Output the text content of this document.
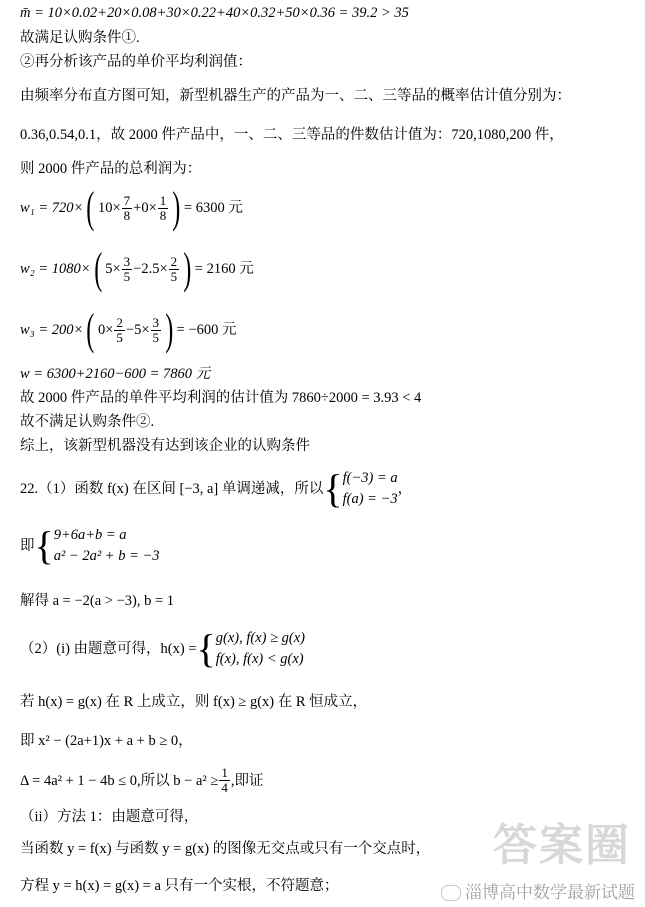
m̄ = 10×0.02+20×0.08+30×0.22+40×0.32+50×0.36 = 39.2 > 35
故满足认购条件①.
②再分析该产品的单价平均利润值：
由频率分布直方图可知，新型机器生产的产品为一、二、三等品的概率估计值分别为：
0.36,0.54,0.1，故 2000 件产品中，一、二、三等品的件数估计值为：720,1080,200 件，
则 2000 件产品的总利润为：
w₁ = 720× ( $10\times \frac{7}{8} +0\times \frac{1}{8}$ ) = 6300 元
w₂ = 1080× ( $5\times \frac{3}{5} -2.5\times \frac{2}{5}$ ) = 2160 元
w₃ = 200× ( $0\times \frac{2}{5} -5\times \frac{3}{5}$ ) = −600 元
w = 6300+2160−600 = 7860 元
故 2000 件产品的单件平均利润的估计值为 7860÷2000 = 3.93 < 4
故不满足认购条件②.
综上，该新型机器没有达到该企业的认购条件
22.（1）函数 f(x) 在区间 [−3, a] 单调递减，所以 { f(−3) = a
f(a) = −3
，
即 { 9+6a+b = a
a² − 2a² + b = −3
解得 a = −2(a > −3), b = 1
（2）(i) 由题意可得，h(x) = { g(x), f(x) ≥ g(x)
f(x), f(x) < g(x)
若 h(x) = g(x) 在 R 上成立，则 f(x) ≥ g(x) 在 R 恒成立，
即 x² − (2a+1)x + a + b ≥ 0，
Δ = 4a² + 1 − 4b ≤ 0,所以 $b - a^2 \ge \frac{1}{4}$ ,即证
（ii）方法 1：由题意可得，
当函数 y = f(x) 与函数 y = g(x) 的图像无交点或只有一个交点时，
方程 y = h(x) = g(x) = a 只有一个实根，不符题意；
答案圈
淄博高中数学最新试题
